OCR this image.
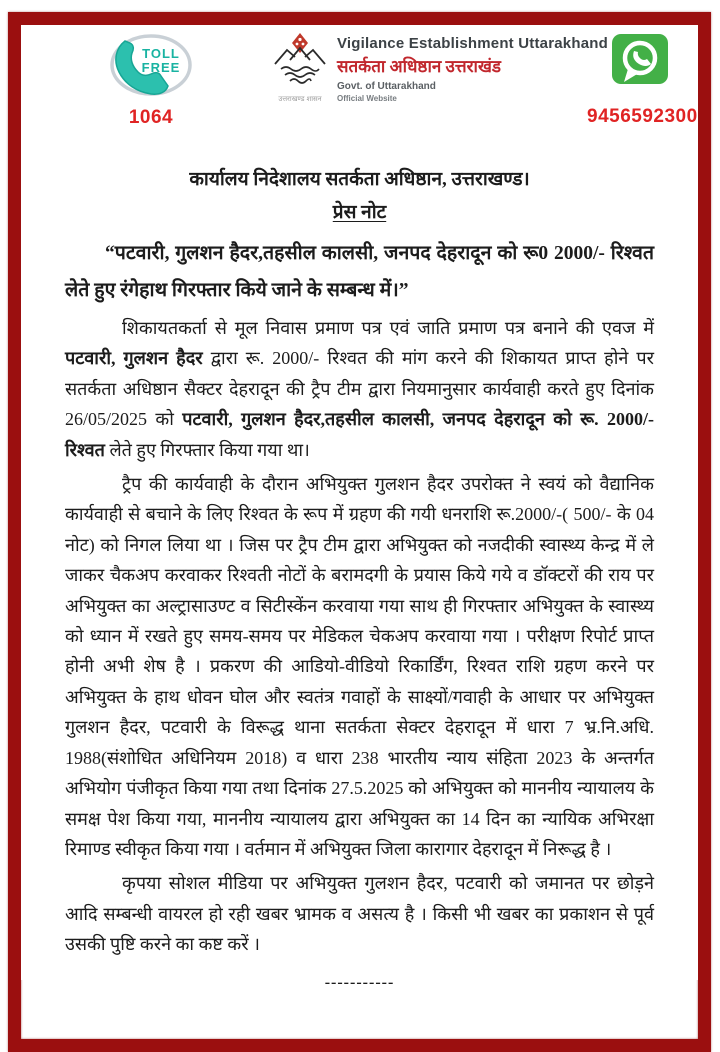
TOLL
FREE
1064
उत्तराखण्ड शासन
Vigilance Establishment Uttarakhand
सतर्कता अधिष्ठान उत्तराखंड
Govt. of Uttarakhand
Official Website
9456592300

कार्यालय निदेशालय सतर्कता अधिष्ठान, उत्तराखण्ड।

प्रेस नोट

“पटवारी, गुलशन हैदर,तहसील कालसी, जनपद देहरादून को रू0 2000/- रिश्वत लेते हुए रंगेहाथ गिरफ्तार किये जाने के सम्बन्ध में।”

शिकायतकर्ता से मूल निवास प्रमाण पत्र एवं जाति प्रमाण पत्र बनाने की एवज में पटवारी, गुलशन हैदर द्वारा रू. 2000/- रिश्वत की मांग करने की शिकायत प्राप्त होने पर सतर्कता अधिष्ठान सैक्टर देहरादून की ट्रैप टीम द्वारा नियमानुसार कार्यवाही करते हुए दिनांक 26/05/2025 को पटवारी, गुलशन हैदर,तहसील कालसी, जनपद देहरादून को रू. 2000/- रिश्वत लेते हुए गिरफ्तार किया गया था।

ट्रैप की कार्यवाही के दौरान अभियुक्त गुलशन हैदर उपरोक्त ने स्वयं को वैद्यानिक कार्यवाही से बचाने के लिए रिश्वत के रूप में ग्रहण की गयी धनराशि रू.2000/-( 500/- के 04 नोट) को निगल लिया था । जिस पर ट्रैप टीम द्वारा अभियुक्त को नजदीकी स्वास्थ्य केन्द्र में ले जाकर चैकअप करवाकर रिश्वती नोटों के बरामदगी के प्रयास किये गये व डॉक्टरों की राय पर अभियुक्त का अल्ट्रासाउण्ट व सिटीस्केंन करवाया गया साथ ही गिरफ्तार अभियुक्त के स्वास्थ्य को ध्यान में रखते हुए समय-समय पर मेडिकल चेकअप करवाया गया । परीक्षण रिपोर्ट प्राप्त होनी अभी शेष है । प्रकरण की आडियो-वीडियो रिकार्डिंग, रिश्वत राशि ग्रहण करने पर अभियुक्त के हाथ धोवन घोल और स्वतंत्र गवाहों के साक्ष्यों/गवाही के आधार पर अभियुक्त गुलशन हैदर, पटवारी के विरूद्ध थाना सतर्कता सेक्टर देहरादून में धारा 7 भ्र.नि.अधि. 1988(संशोधित अधिनियम 2018) व धारा 238 भारतीय न्याय संहिता 2023 के अन्तर्गत अभियोग पंजीकृत किया गया तथा दिनांक 27.5.2025 को अभियुक्त को माननीय न्यायालय के समक्ष पेश किया गया, माननीय न्यायालय द्वारा अभियुक्त का 14 दिन का न्यायिक अभिरक्षा रिमाण्ड स्वीकृत किया गया । वर्तमान में अभियुक्त जिला कारागार देहरादून में निरूद्ध है ।

कृपया सोशल मीडिया पर अभियुक्त गुलशन हैदर, पटवारी को जमानत पर छोड़ने आदि सम्बन्धी वायरल हो रही खबर भ्रामक व असत्य है । किसी भी खबर का प्रकाशन से पूर्व उसकी पुष्टि करने का कष्ट करें ।

-----------
